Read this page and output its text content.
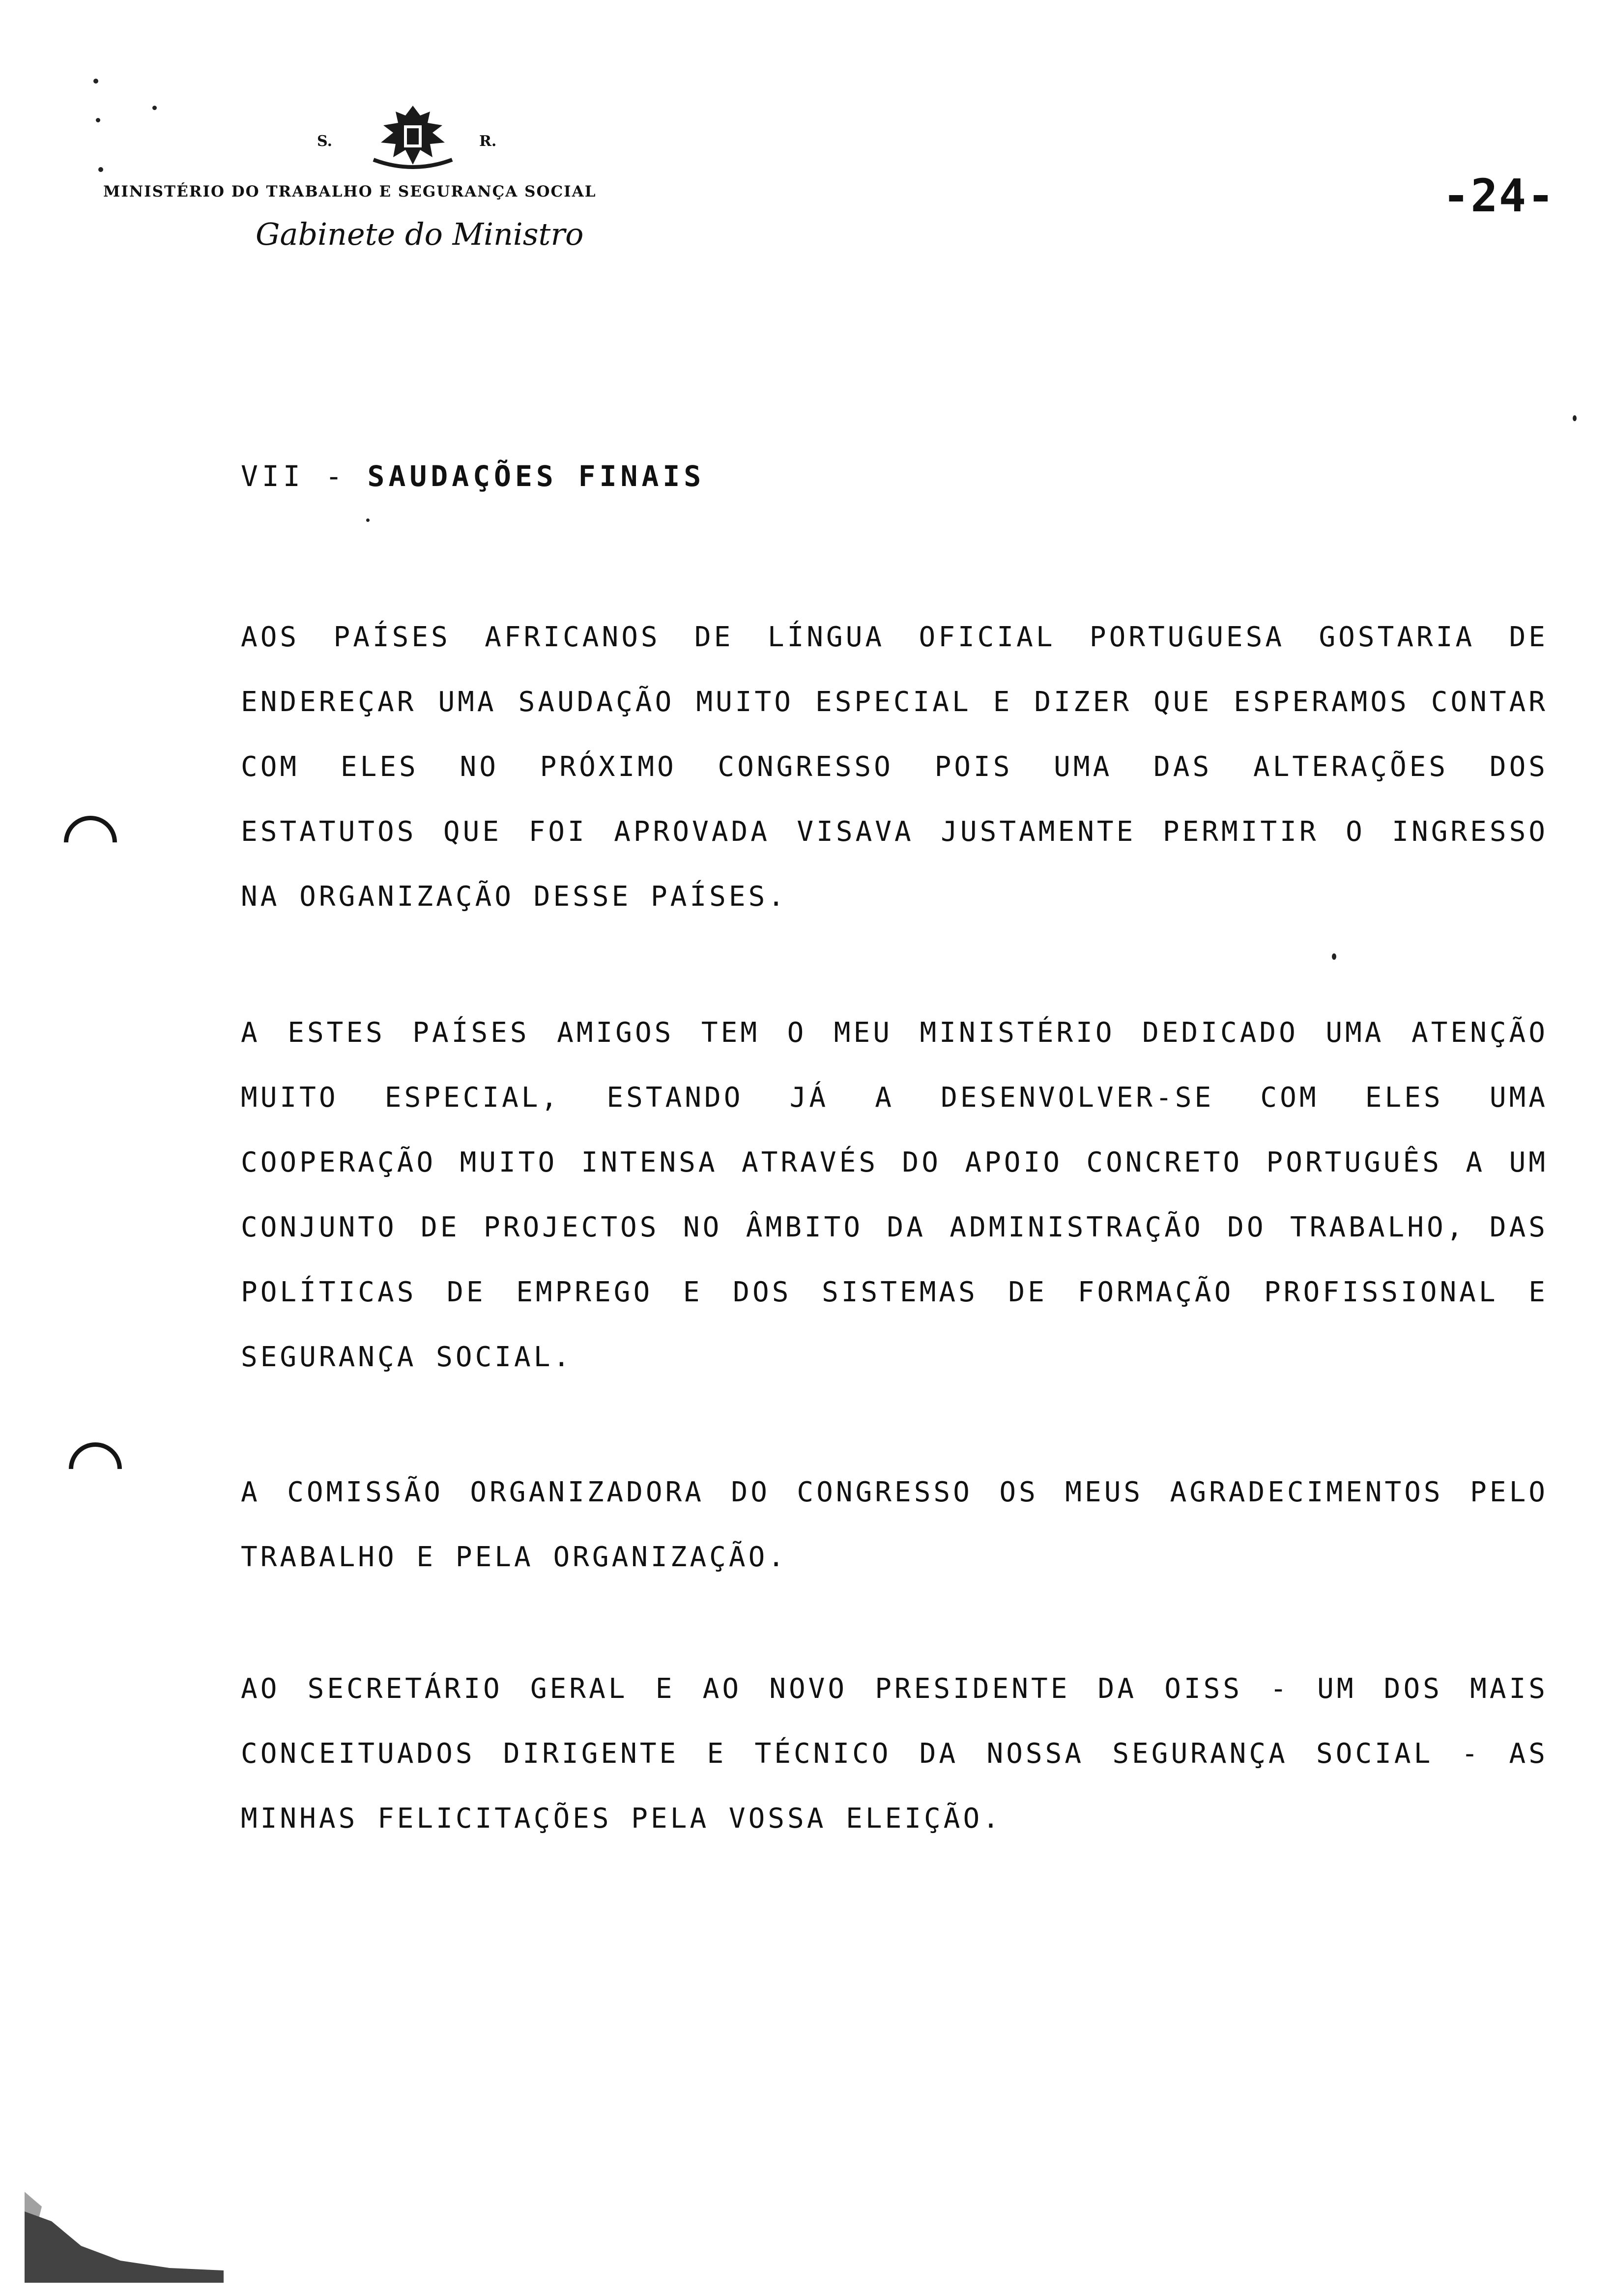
S.	R.
MINISTÉRIO DO TRABALHO E SEGURANÇA SOCIAL
Gabinete do Ministro
-24-
VII - SAUDAÇÕES FINAIS

AOS PAÍSES AFRICANOS DE LÍNGUA OFICIAL PORTUGUESA GOSTARIA DE ENDEREÇAR UMA SAUDAÇÃO MUITO ESPECIAL E DIZER QUE ESPERAMOS CONTAR COM ELES NO PRÓXIMO CONGRESSO POIS UMA DAS ALTERAÇÕES DOS ESTATUTOS QUE FOI APROVADA VISAVA JUSTAMENTE PERMITIR O INGRESSO NA ORGANIZAÇÃO DESSE PAÍSES.

A ESTES PAÍSES AMIGOS TEM O MEU MINISTÉRIO DEDICADO UMA ATENÇÃO MUITO ESPECIAL, ESTANDO JÁ A DESENVOLVER-SE COM ELES UMA COOPERAÇÃO MUITO INTENSA ATRAVÉS DO APOIO CONCRETO PORTUGUÊS A UM CONJUNTO DE PROJECTOS NO ÂMBITO DA ADMINISTRAÇÃO DO TRABALHO, DAS POLÍTICAS DE EMPREGO E DOS SISTEMAS DE FORMAÇÃO PROFISSIONAL E SEGURANÇA SOCIAL.

A COMISSÃO ORGANIZADORA DO CONGRESSO OS MEUS AGRADECIMENTOS PELO TRABALHO E PELA ORGANIZAÇÃO.

AO SECRETÁRIO GERAL E AO NOVO PRESIDENTE DA OISS - UM DOS MAIS CONCEITUADOS DIRIGENTE E TÉCNICO DA NOSSA SEGURANÇA SOCIAL - AS MINHAS FELICITAÇÕES PELA VOSSA ELEIÇÃO.
